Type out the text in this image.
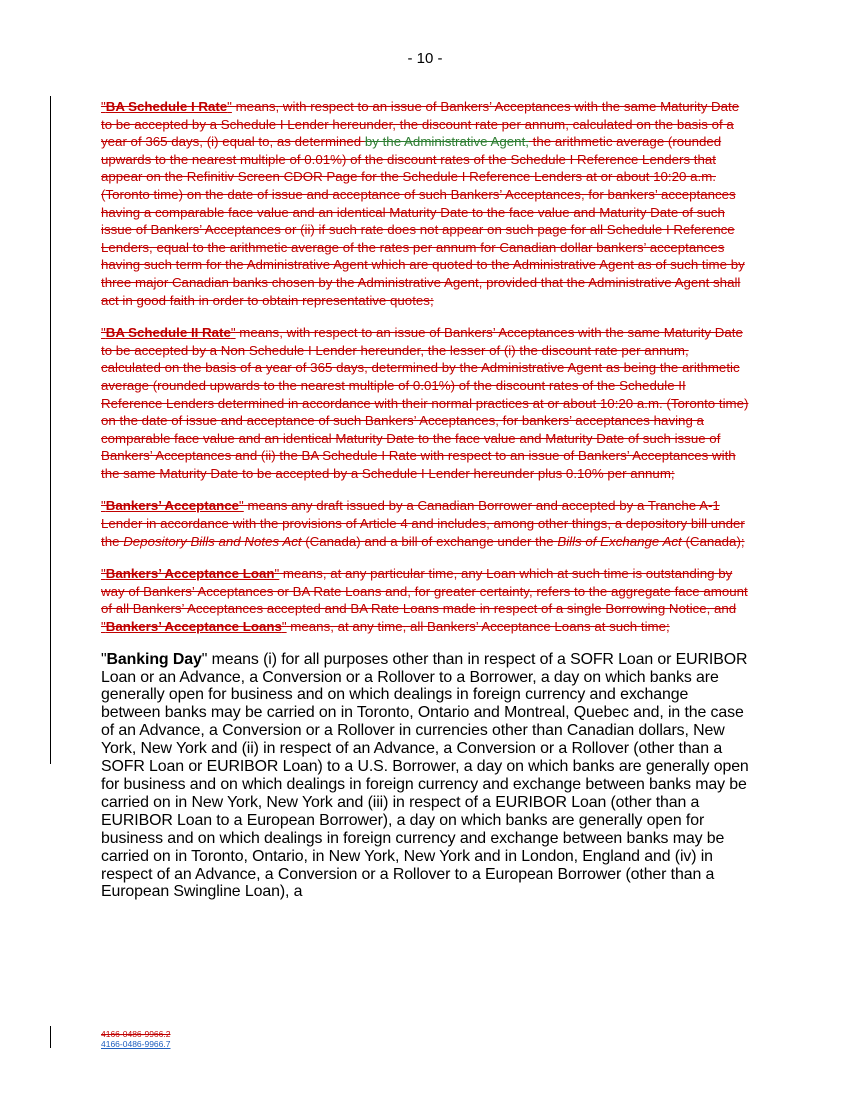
- 10 -

"BA Schedule I Rate" means, with respect to an issue of Bankers’ Acceptances with the same Maturity Date to be accepted by a Schedule I Lender hereunder, the discount rate per annum, calculated on the basis of a year of 365 days, (i) equal to, as determined by the Administrative Agent, the arithmetic average (rounded upwards to the nearest multiple of 0.01%) of the discount rates of the Schedule I Reference Lenders that appear on the Refinitiv Screen CDOR Page for the Schedule I Reference Lenders at or about 10:20 a.m. (Toronto time) on the date of issue and acceptance of such Bankers’ Acceptances, for bankers’ acceptances having a comparable face value and an identical Maturity Date to the face value and Maturity Date of such issue of Bankers’ Acceptances or (ii) if such rate does not appear on such page for all Schedule I Reference Lenders, equal to the arithmetic average of the rates per annum for Canadian dollar bankers’ acceptances having such term for the Administrative Agent which are quoted to the Administrative Agent as of such time by three major Canadian banks chosen by the Administrative Agent, provided that the Administrative Agent shall act in good faith in order to obtain representative quotes;

"BA Schedule II Rate" means, with respect to an issue of Bankers’ Acceptances with the same Maturity Date to be accepted by a Non Schedule I Lender hereunder, the lesser of (i) the discount rate per annum, calculated on the basis of a year of 365 days, determined by the Administrative Agent as being the arithmetic average (rounded upwards to the nearest multiple of 0.01%) of the discount rates of the Schedule II Reference Lenders determined in accordance with their normal practices at or about 10:20 a.m. (Toronto time) on the date of issue and acceptance of such Bankers’ Acceptances, for bankers’ acceptances having a comparable face value and an identical Maturity Date to the face value and Maturity Date of such issue of Bankers’ Acceptances and (ii) the BA Schedule I Rate with respect to an issue of Bankers’ Acceptances with the same Maturity Date to be accepted by a Schedule I Lender hereunder plus 0.10% per annum;

"Bankers’ Acceptance" means any draft issued by a Canadian Borrower and accepted by a Tranche A-1 Lender in accordance with the provisions of Article 4 and includes, among other things, a depository bill under the Depository Bills and Notes Act (Canada) and a bill of exchange under the Bills of Exchange Act (Canada);

"Bankers’ Acceptance Loan" means, at any particular time, any Loan which at such time is outstanding by way of Bankers’ Acceptances or BA Rate Loans and, for greater certainty, refers to the aggregate face amount of all Bankers’ Acceptances accepted and BA Rate Loans made in respect of a single Borrowing Notice, and "Bankers’ Acceptance Loans" means, at any time, all Bankers’ Acceptance Loans at such time;

"Banking Day" means (i) for all purposes other than in respect of a SOFR Loan or EURIBOR Loan or an Advance, a Conversion or a Rollover to a Borrower, a day on which banks are generally open for business and on which dealings in foreign currency and exchange between banks may be carried on in Toronto, Ontario and Montreal, Quebec and, in the case of an Advance, a Conversion or a Rollover in currencies other than Canadian dollars, New York, New York and (ii) in respect of an Advance, a Conversion or a Rollover (other than a SOFR Loan or EURIBOR Loan) to a U.S. Borrower, a day on which banks are generally open for business and on which dealings in foreign currency and exchange between banks may be carried on in New York, New York and (iii) in respect of a EURIBOR Loan (other than a EURIBOR Loan to a European Borrower), a day on which banks are generally open for business and on which dealings in foreign currency and exchange between banks may be carried on in Toronto, Ontario, in New York, New York and in London, England and (iv) in respect of an Advance, a Conversion or a Rollover to a European Borrower (other than a European Swingline Loan), a

4166-0486-9966.2
4166-0486-9966.7
